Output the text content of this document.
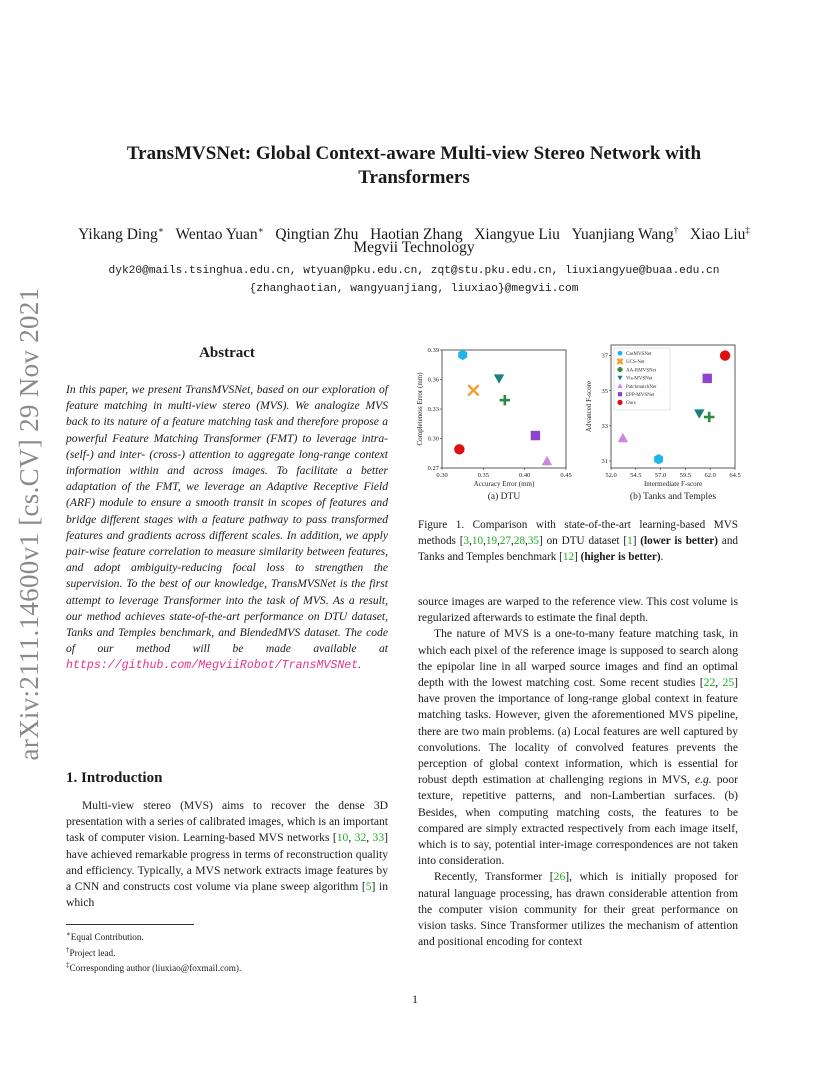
TransMVSNet: Global Context-aware Multi-view Stereo Network with
Transformers
Yikang Ding∗ Wentao Yuan∗ Qingtian Zhu Haotian Zhang Xiangyue Liu Yuanjiang Wang† Xiao Liu‡
Megvii Technology
dyk20@mails.tsinghua.edu.cn, wtyuan@pku.edu.cn, zqt@stu.pku.edu.cn, liuxiangyue@buaa.edu.cn
{zhanghaotian, wangyuanjiang, liuxiao}@megvii.com
arXiv:2111.14600v1 [cs.CV] 29 Nov 2021	Abstract
In this paper, we present TransMVSNet, based on our exploration of feature matching in multi-view stereo (MVS). We analogize MVS back to its nature of a feature matching task and therefore propose a powerful Feature Matching Transformer (FMT) to leverage intra- (self-) and inter- (cross-) attention to aggregate long-range context information within and across images. To facilitate a better adaptation of the FMT, we leverage an Adaptive Receptive Field (ARF) module to ensure a smooth transit in scopes of features and bridge different stages with a feature pathway to pass transformed features and gradients across different scales. In addition, we apply pair-wise feature correlation to measure similarity between features, and adopt ambiguity-reducing focal loss to strengthen the supervision. To the best of our knowledge, TransMVSNet is the first attempt to leverage Transformer into the task of MVS. As a result, our method achieves state-of-the-art performance on DTU dataset, Tanks and Temples benchmark, and BlendedMVS dataset. The code of our method will be made available at https://github.com/MegviiRobot/TransMVSNet.
1. Introduction
Multi-view stereo (MVS) aims to recover the dense 3D presentation with a series of calibrated images, which is an important task of computer vision. Learning-based MVS networks [10, 32, 33] have achieved remarkable progress in terms of reconstruction quality and efficiency. Typically, a MVS network extracts image features by a CNN and constructs cost volume via plane sweep algorithm [5] in which
∗Equal Contribution.
†Project lead.
‡Corresponding author (liuxiao@foxmail.com).
0.30	0.35	0.40	0.45
0.27
0.30
0.33
0.36
0.39
Accuracy Error (mm)
Completeness Error (mm)
(a) DTU
52.0 54.5 57.0 59.5 62.0 64.5
31
33
35
37
Intermediate F-score
Advanced F-score
(b) Tanks and Temples
CasMVSNet
UCS-Net
AA-RMVSNet
Vis-MVSNet
PatchmatchNet
EPP-MVSNet
Ours
Figure 1. Comparison with state-of-the-art learning-based MVS methods [3,10,19,27,28,35] on DTU dataset [1] (lower is better) and Tanks and Temples benchmark [12] (higher is better).

source images are warped to the reference view. This cost volume is regularized afterwards to estimate the final depth.

The nature of MVS is a one-to-many feature matching task, in which each pixel of the reference image is supposed to search along the epipolar line in all warped source images and find an optimal depth with the lowest matching cost. Some recent studies [22, 25] have proven the importance of long-range global context in feature matching tasks. However, given the aforementioned MVS pipeline, there are two main problems. (a) Local features are well captured by convolutions. The locality of convolved features prevents the perception of global context information, which is essential for robust depth estimation at challenging regions in MVS, e.g. poor texture, repetitive patterns, and non-Lambertian surfaces. (b) Besides, when computing matching costs, the features to be compared are simply extracted respectively from each image itself, which is to say, potential inter-image correspondences are not taken into consideration.

Recently, Transformer [26], which is initially proposed for natural language processing, has drawn considerable attention from the computer vision community for their great performance on vision tasks. Since Transformer utilizes the mechanism of attention and positional encoding for context

1
